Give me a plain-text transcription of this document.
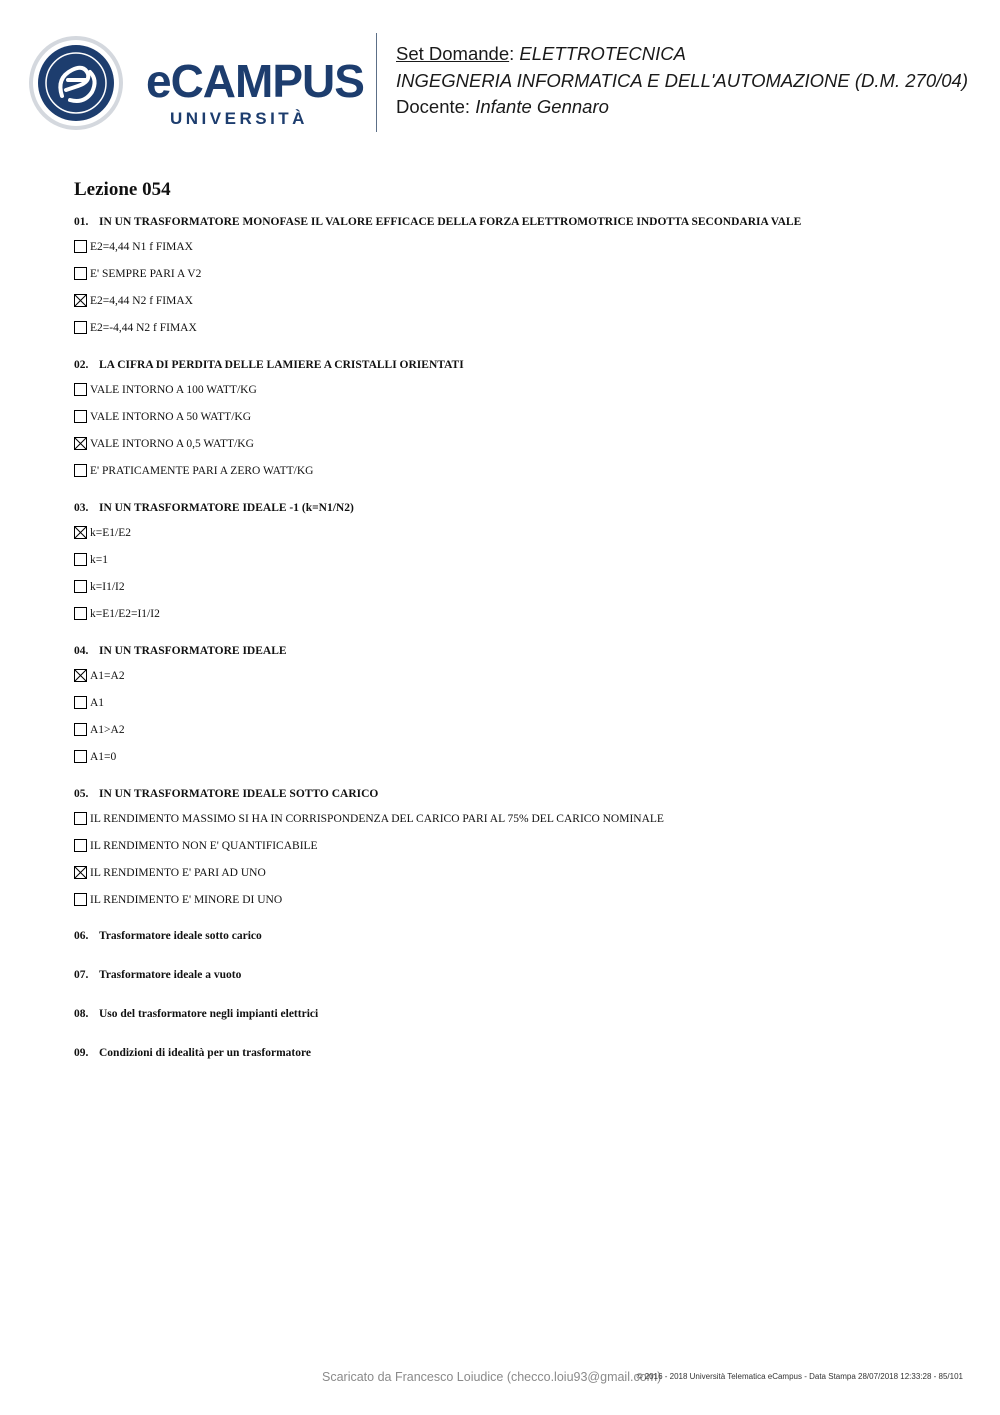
eCAMPUS
UNIVERSITÀ
Set Domande: ELETTROTECNICA
INGEGNERIA INFORMATICA E DELL'AUTOMAZIONE (D.M. 270/04)
Docente: Infante Gennaro
Lezione 054
01. IN UN TRASFORMATORE MONOFASE IL VALORE EFFICACE DELLA FORZA ELETTROMOTRICE INDOTTA SECONDARIA VALE
E2=4,44 N1 f FIMAX
E' SEMPRE PARI A V2
E2=4,44 N2 f FIMAX
E2=-4,44 N2 f FIMAX
02. LA CIFRA DI PERDITA DELLE LAMIERE A CRISTALLI ORIENTATI
VALE INTORNO A 100 WATT/KG
VALE INTORNO A 50 WATT/KG
VALE INTORNO A 0,5 WATT/KG
E' PRATICAMENTE PARI A ZERO WATT/KG
03. IN UN TRASFORMATORE IDEALE -1 (k=N1/N2)
k=E1/E2
k=1
k=I1/I2
k=E1/E2=I1/I2
04. IN UN TRASFORMATORE IDEALE
A1=A2
A1
A1>A2
A1=0
05. IN UN TRASFORMATORE IDEALE SOTTO CARICO
IL RENDIMENTO MASSIMO SI HA IN CORRISPONDENZA DEL CARICO PARI AL 75% DEL CARICO NOMINALE
IL RENDIMENTO NON E' QUANTIFICABILE
IL RENDIMENTO E' PARI AD UNO
IL RENDIMENTO E' MINORE DI UNO
06. Trasformatore ideale sotto carico
07. Trasformatore ideale a vuoto
08. Uso del trasformatore negli impianti elettrici
09. Condizioni di idealità per un trasformatore
Scaricato da Francesco Loiudice (checco.loiu93@gmail.com)
© 2016 - 2018 Università Telematica eCampus - Data Stampa 28/07/2018 12:33:28 - 85/101
